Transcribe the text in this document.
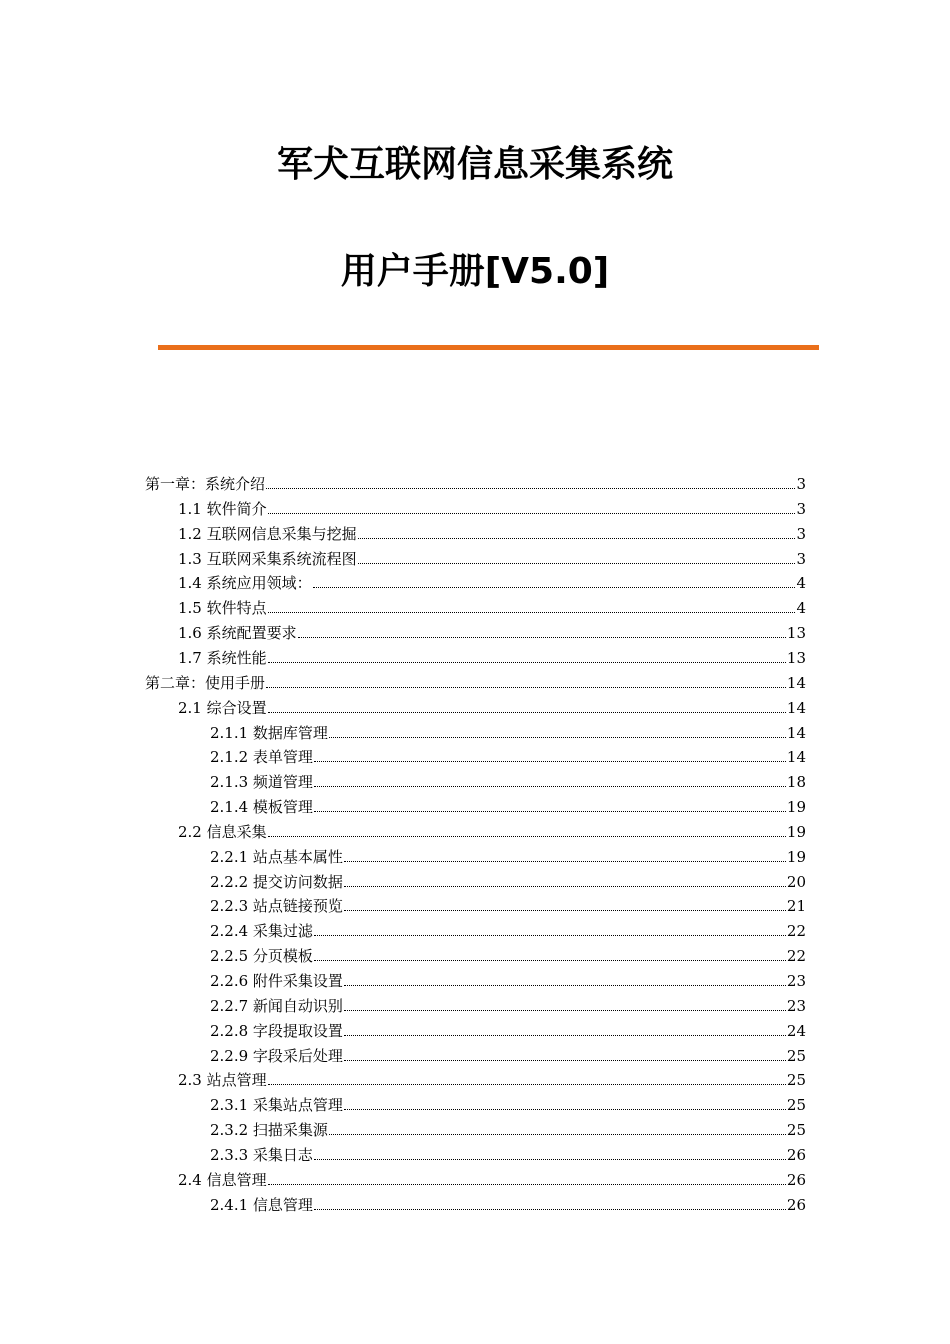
军犬互联网信息采集系统
用户手册[V5.0]
第一章：系统介绍	3
1.1 软件简介	3
1.2 互联网信息采集与挖掘	3
1.3 互联网采集系统流程图	3
1.4 系统应用领域：	4
1.5 软件特点	4
1.6 系统配置要求	13
1.7 系统性能	13
第二章：使用手册	14
2.1 综合设置	14
2.1.1 数据库管理	14
2.1.2 表单管理	14
2.1.3 频道管理	18
2.1.4 模板管理	19
2.2 信息采集	19
2.2.1 站点基本属性	19
2.2.2 提交访问数据	20
2.2.3 站点链接预览	21
2.2.4 采集过滤	22
2.2.5 分页模板	22
2.2.6 附件采集设置	23
2.2.7 新闻自动识别	23
2.2.8 字段提取设置	24
2.2.9 字段采后处理	25
2.3 站点管理	25
2.3.1 采集站点管理	25
2.3.2 扫描采集源	25
2.3.3 采集日志	26
2.4 信息管理	26
2.4.1 信息管理	26
